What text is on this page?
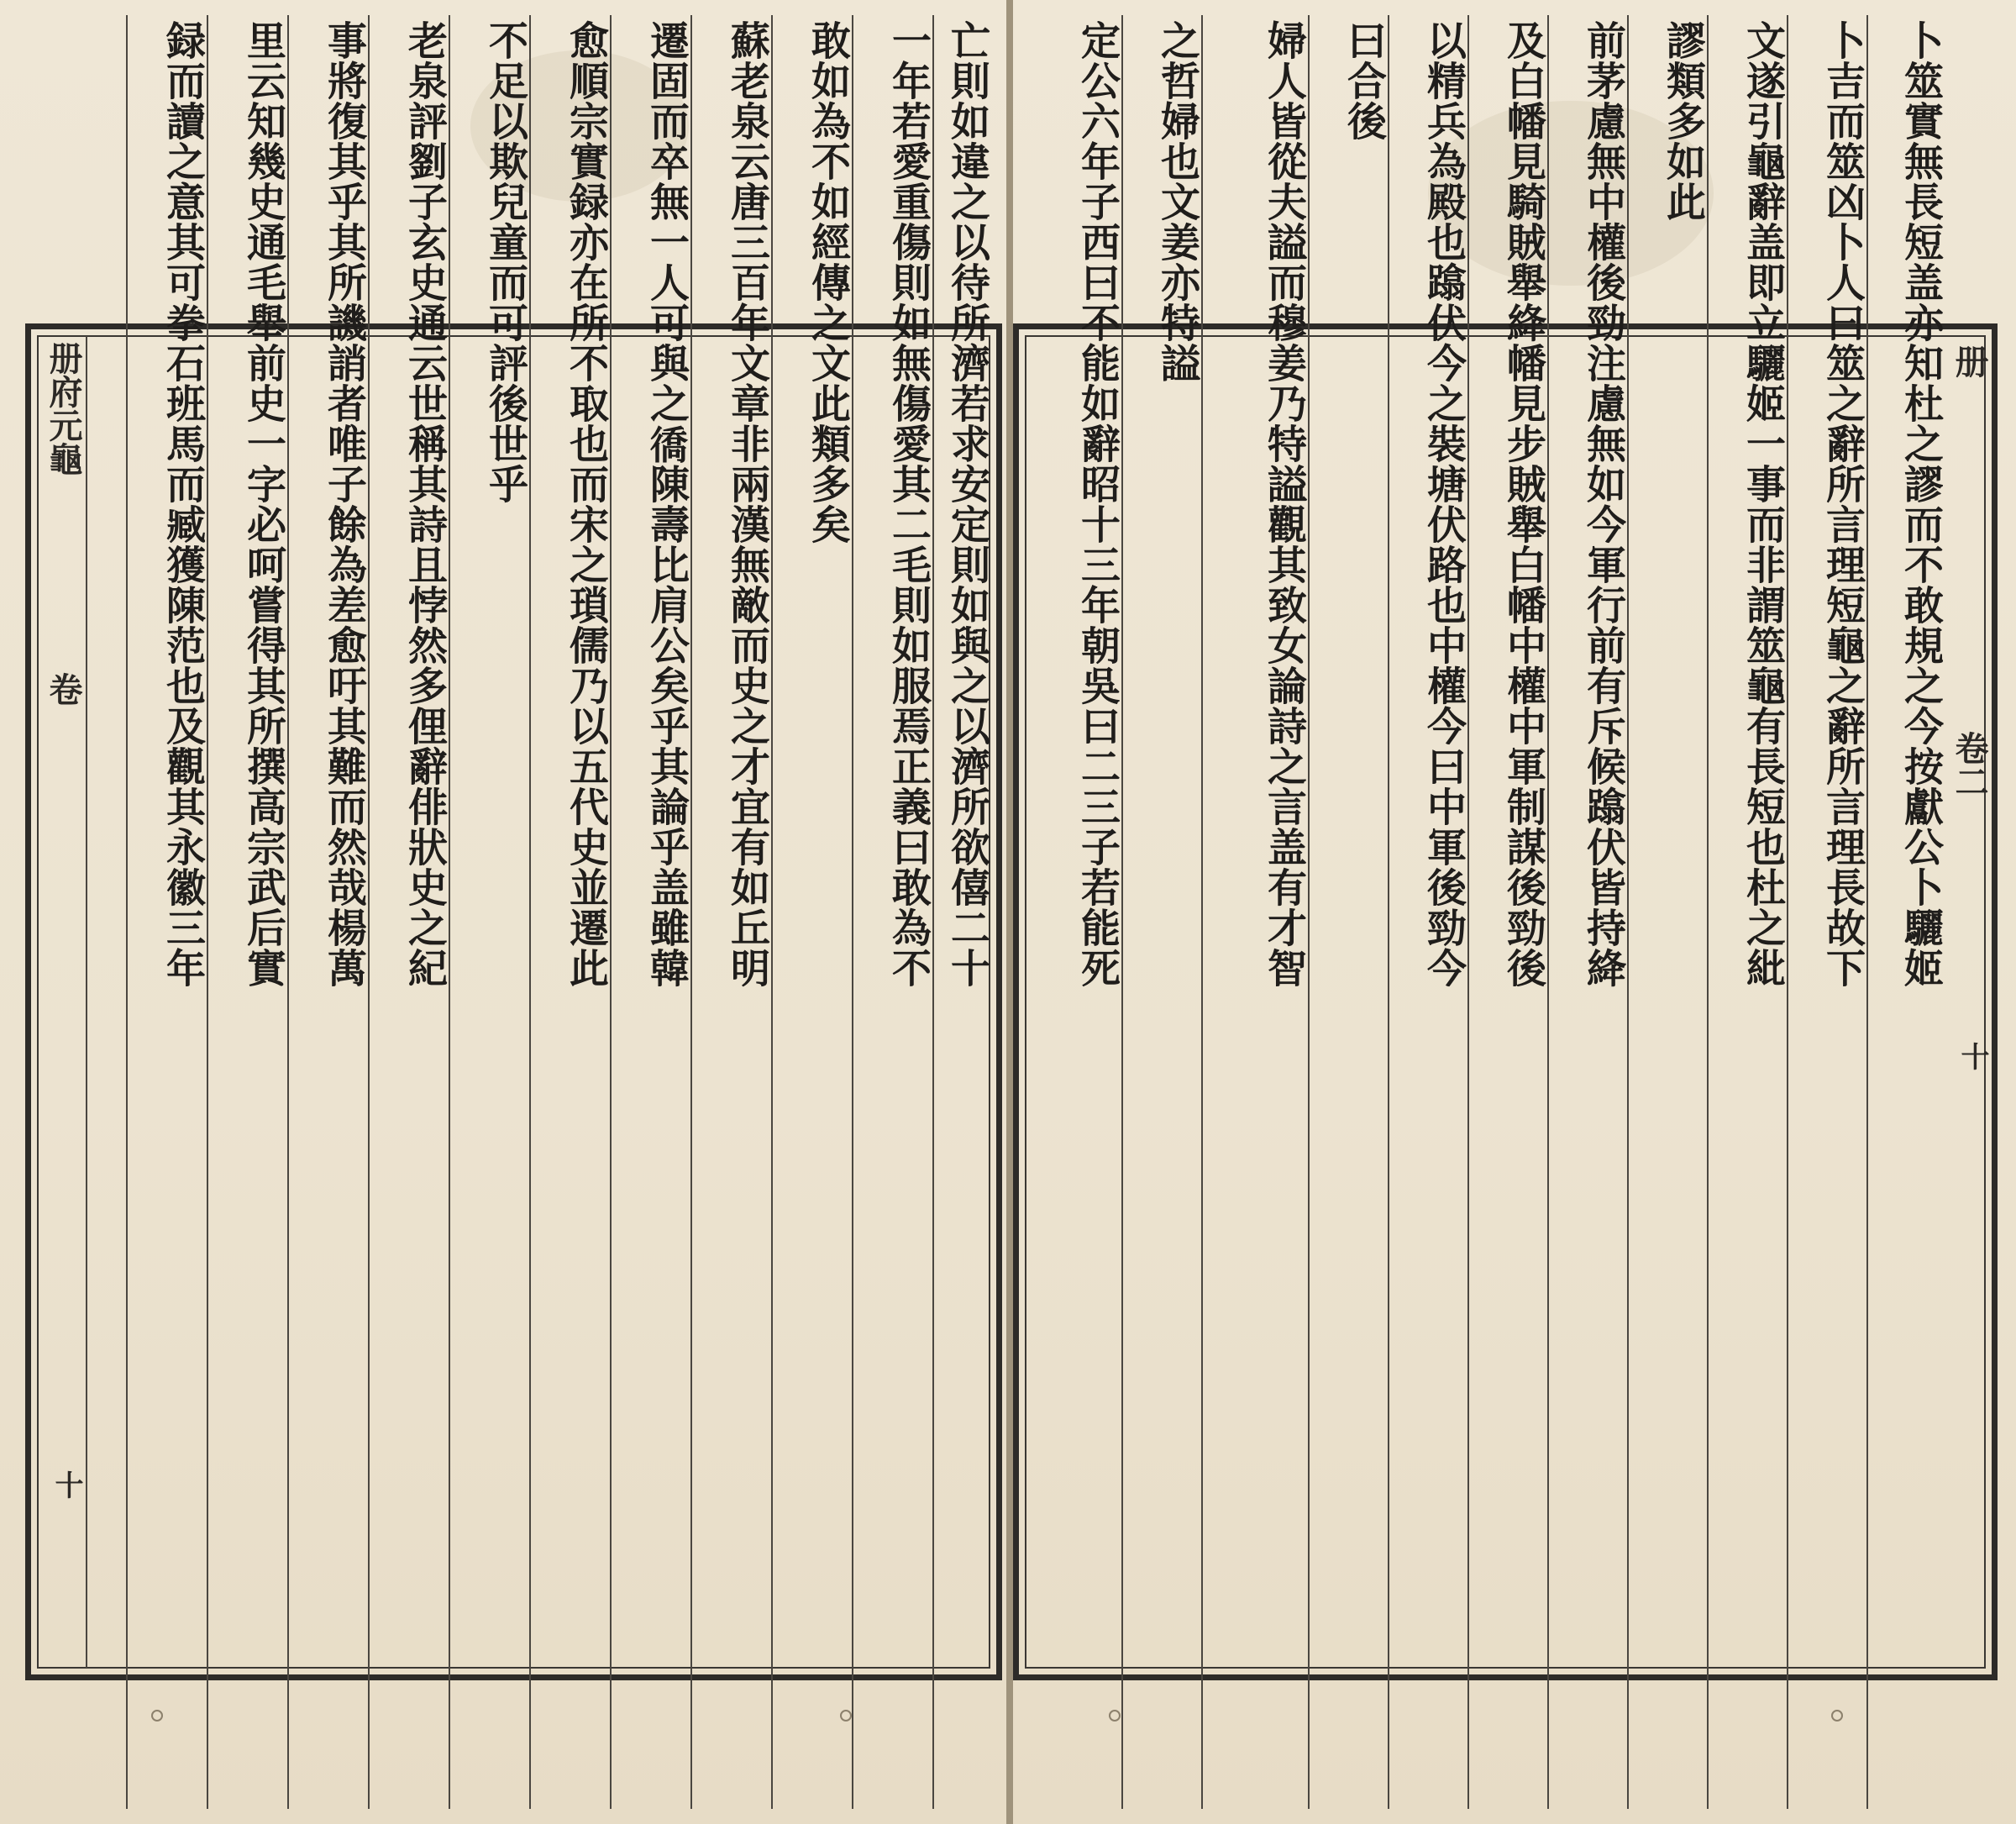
册府元龜
卷
十
亡則如違之以待所濟若求安定則如與之以濟所欲僖二十
一年若愛重傷則如無傷愛其二毛則如服焉正義曰敢為不
敢如為不如經傳之文此類多矣
蘇老泉云唐三百年文章非兩漢無敵而史之才宜有如丘明
遷固而卒無一人可與之𢕪陳壽比肩公矣乎其論乎盖雖韓
愈順宗實録亦在所不取也而宋之瑣儒乃以五代史並遷此
不足以欺兒童而可評後世乎
老泉評劉子玄史通云世稱其詩且悖然多俚辭俳狀史之紀
事將復其乎其所譏誚者唯子餘為差愈吁其難而然哉楊萬
里云知幾史通毛舉前史一字必呵嘗得其所撰高宗武后實
録而讀之意其可拳石班馬而臧獲陳范也及觀其永徽三年	册
卷二
十
卜筮實無長短盖亦知杜之謬而不敢規之今按獻公卜驪姬
卜吉而筮凶卜人曰筮之辭所言理短龜之辭所言理長故下
文遂引龜辭盖即立驪姬一事而非謂筮龜有長短也杜之紕
謬類多如此
前茅慮無中權後勁注慮無如今軍行前有斥候蹹伏皆持絳
及白幡見騎賊舉絳幡見步賊舉白幡中權中軍制謀後勁後
以精兵為殿也蹹伏今之裝塘伏路也中權今曰中軍後勁今
曰合後
婦人皆從夫謚而穆姜乃特謚觀其致女論詩之言盖有才智
之哲婦也文姜亦特謚
定公六年子西曰不能如辭昭十三年朝吳曰二三子若能死
